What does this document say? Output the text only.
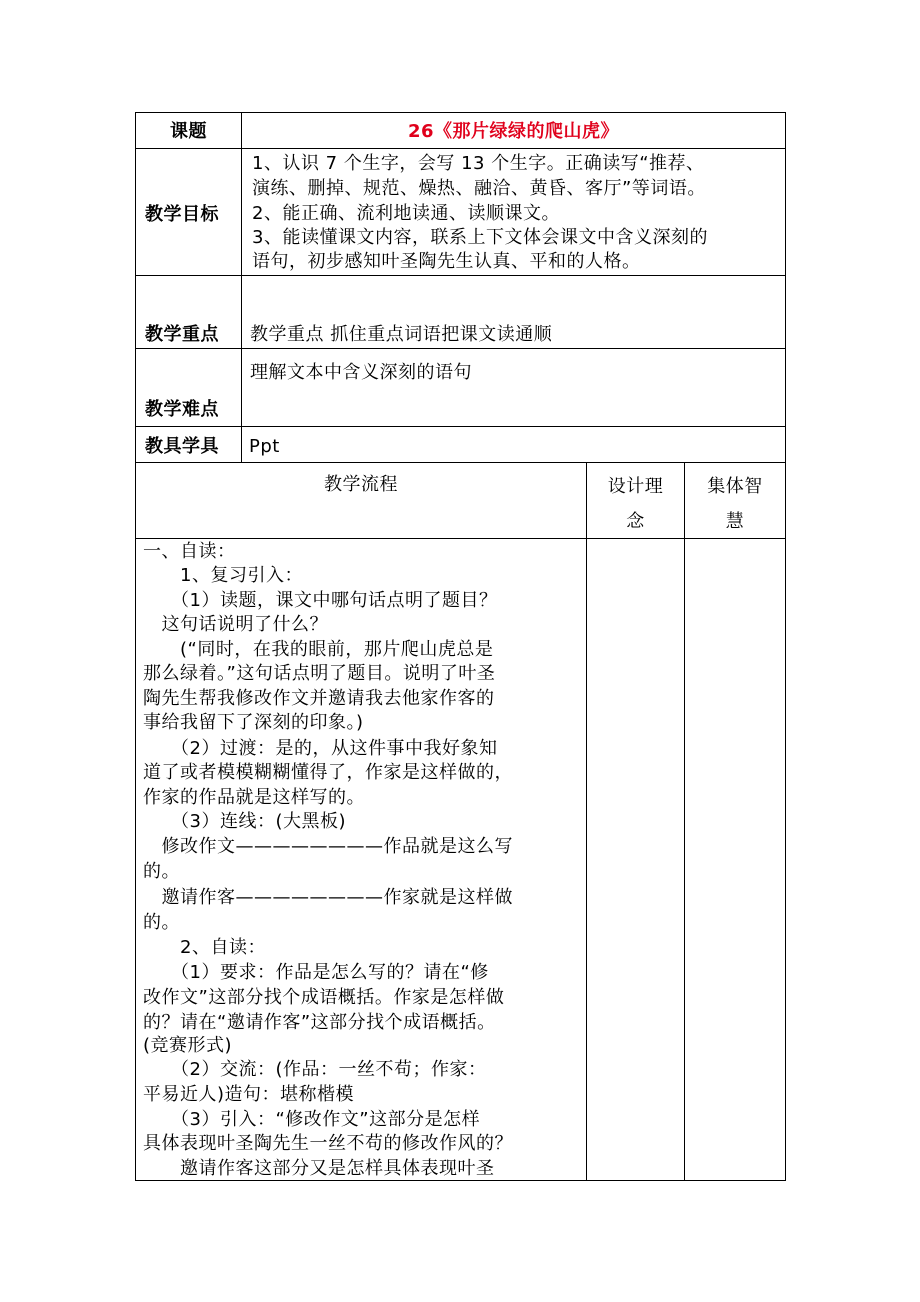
课题	26《那片绿绿的爬山虎》
教学目标
1、认识 7 个生字，会写 13 个生字。正确读写“推荐、
演练、删掉、规范、燥热、融洽、黄昏、客厅”等词语。
2、能正确、流利地读通、读顺课文。
3、能读懂课文内容，联系上下文体会课文中含义深刻的
语句，初步感知叶圣陶先生认真、平和的人格。
教学重点 教学重点 抓住重点词语把课文读通顺
教学难点
理解文本中含义深刻的语句
教具学具 Ppt
教学流程	设计理
念
集体智
慧
一、自读：
　　1、复习引入：
　　（1）读题，课文中哪句话点明了题目？
　这句话说明了什么？
　　(“同时，在我的眼前，那片爬山虎总是
那么绿着。”这句话点明了题目。说明了叶圣
陶先生帮我修改作文并邀请我去他家作客的
事给我留下了深刻的印象。)
　　（2）过渡：是的，从这件事中我好象知
道了或者模模糊糊懂得了，作家是这样做的，
作家的作品就是这样写的。
　　（3）连线：(大黑板)
　修改作文————————作品就是这么写
的。
　邀请作客————————作家就是这样做
的。
　　2、自读：
　　（1）要求：作品是怎么写的？请在“修
改作文”这部分找个成语概括。作家是怎样做
的？请在“邀请作客”这部分找个成语概括。
(竞赛形式)
　　（2）交流：(作品：一丝不苟；作家：
平易近人)造句：堪称楷模
　　（3）引入：“修改作文”这部分是怎样
具体表现叶圣陶先生一丝不苟的修改作风的？
　　邀请作客这部分又是怎样具体表现叶圣
